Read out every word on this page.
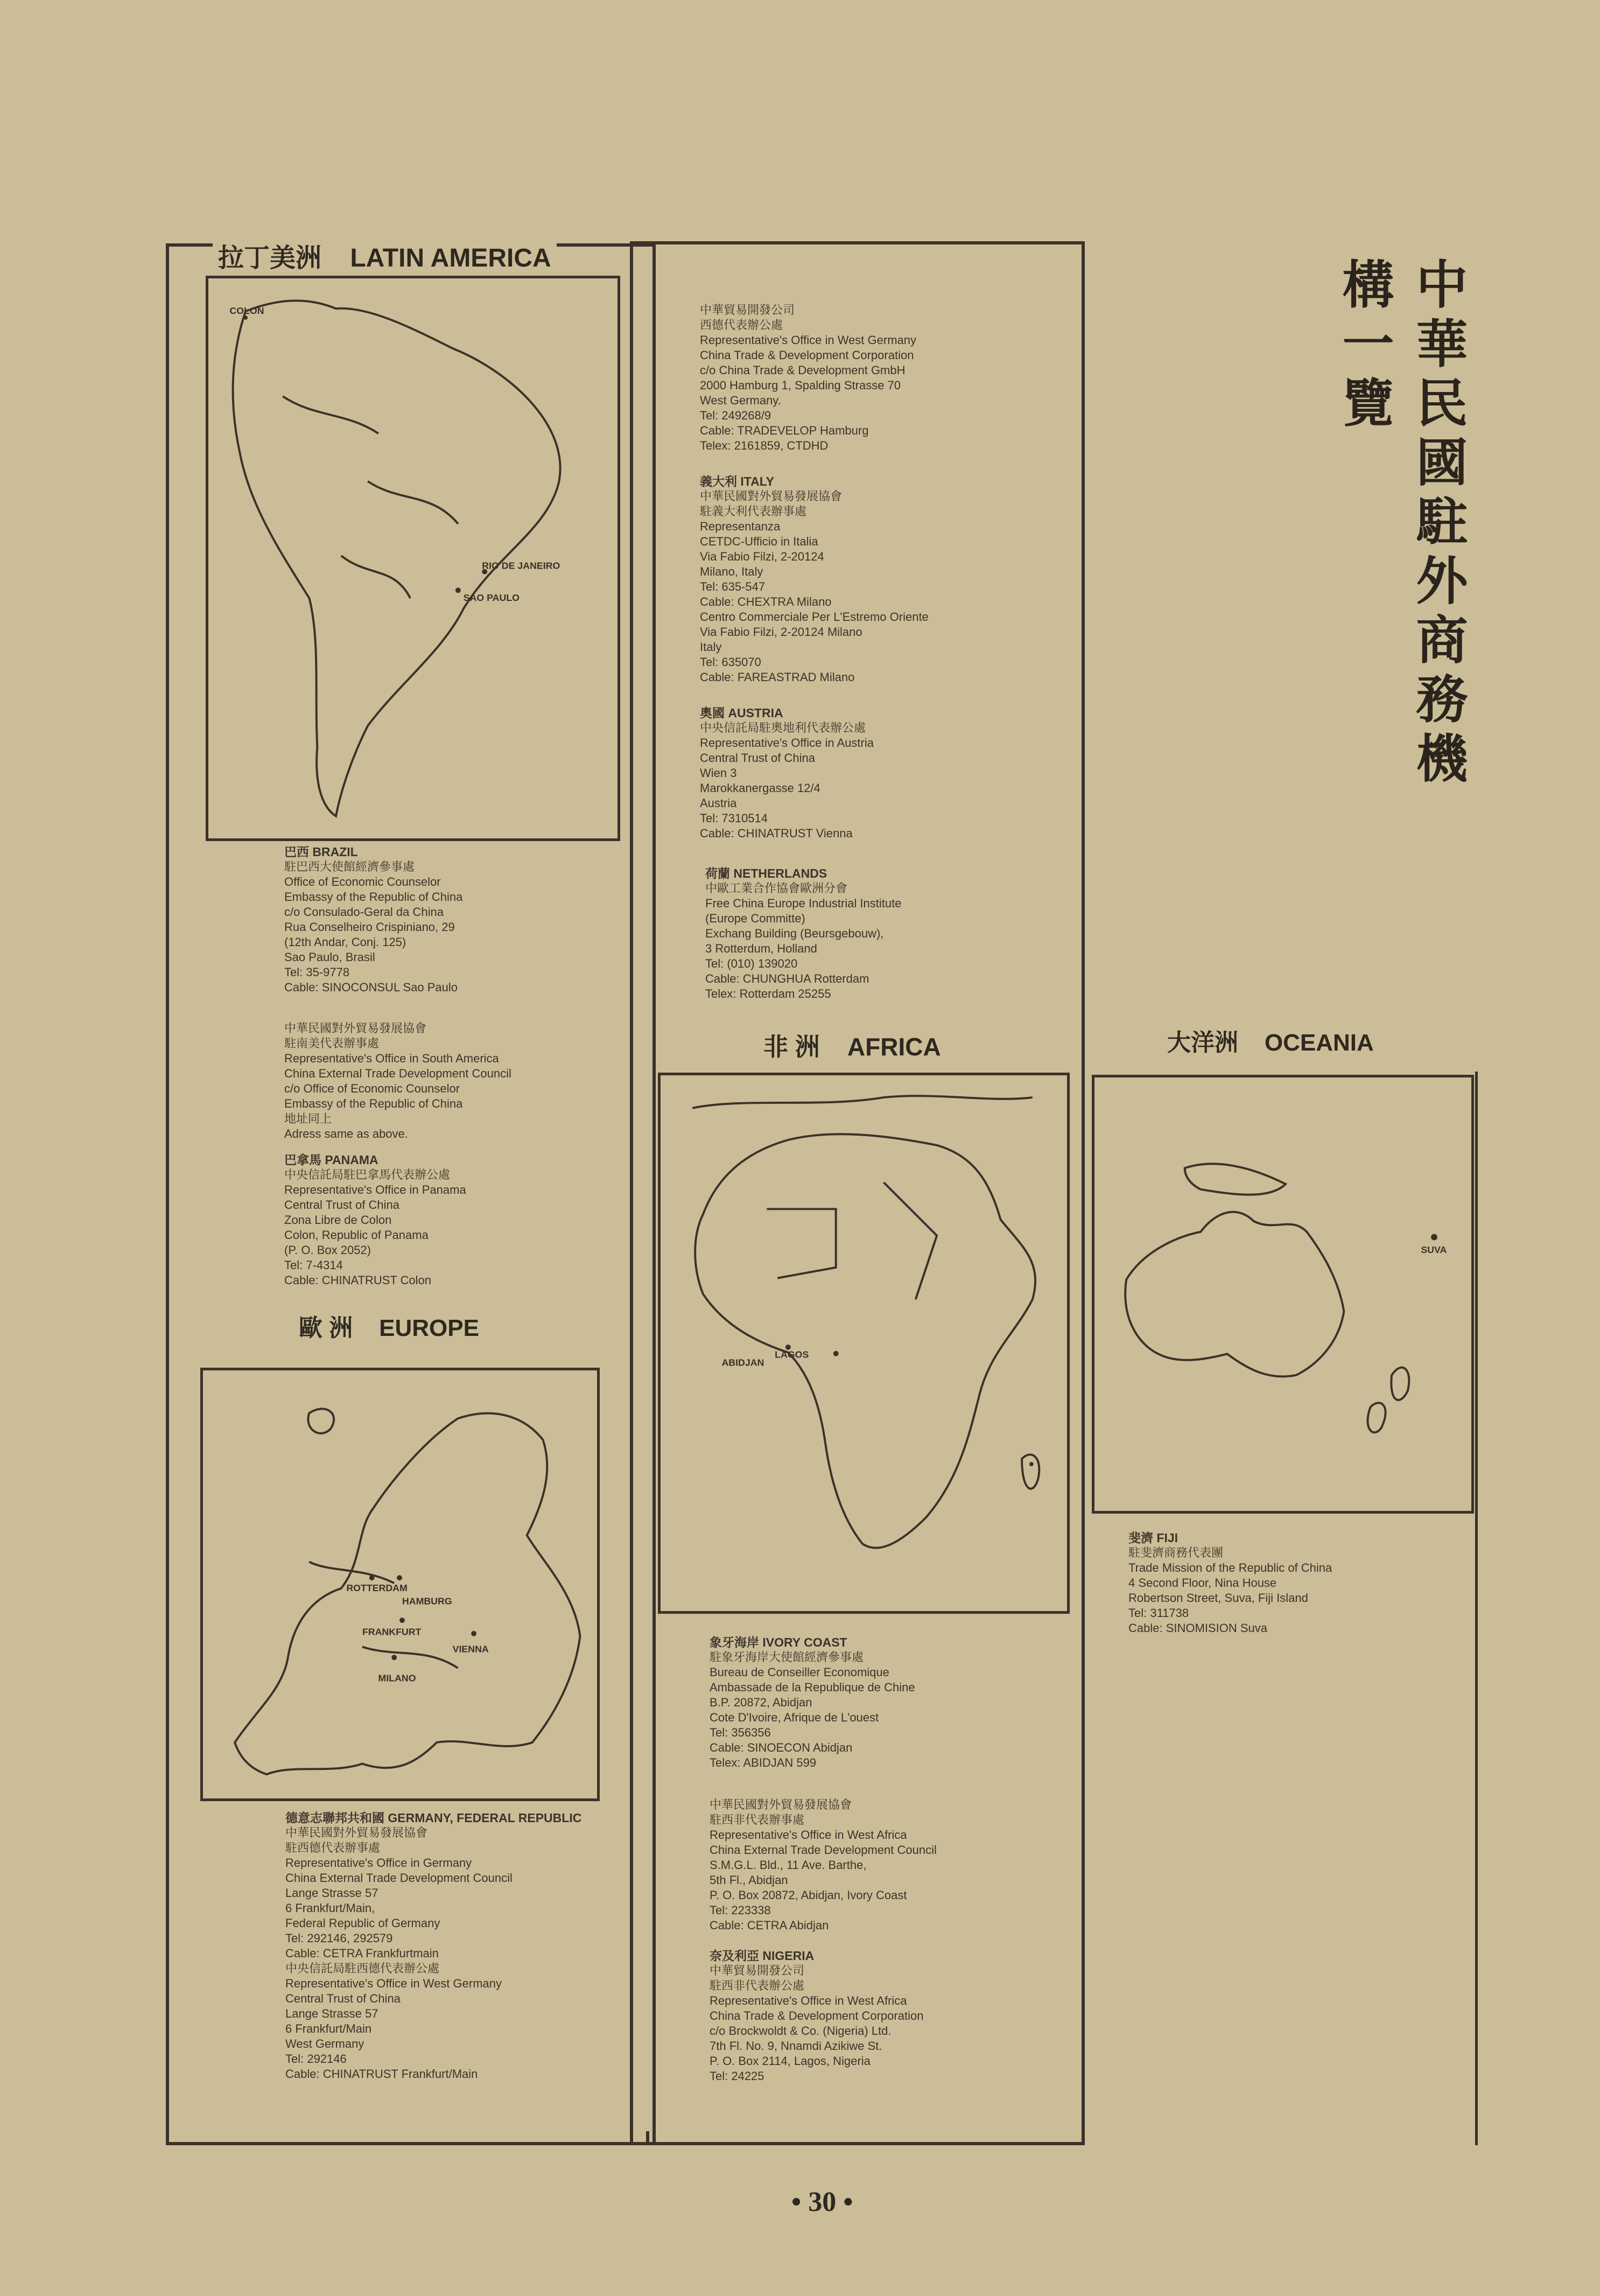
中華民國駐外商務機構一覽
拉丁美洲 LATIN AMERICA
COLON
RIO DE JANEIRO
SAO PAULO
巴西 BRAZIL
駐巴西大使館經濟參事處
Office of Economic Counselor
Embassy of the Republic of China
c/o Consulado-Geral da China
Rua Conselheiro Crispiniano, 29
(12th Andar, Conj. 125)
Sao Paulo, Brasil
Tel: 35-9778
Cable: SINOCONSUL Sao Paulo
中華民國對外貿易發展協會
駐南美代表辦事處
Representative's Office in South America
China External Trade Development Council
c/o Office of Economic Counselor
Embassy of the Republic of China
地址同上
Adress same as above.
巴拿馬 PANAMA
中央信託局駐巴拿馬代表辦公處
Representative's Office in Panama
Central Trust of China
Zona Libre de Colon
Colon, Republic of Panama
(P. O. Box 2052)
Tel: 7-4314
Cable: CHINATRUST Colon
歐 洲 EUROPE
ROTTERDAM
HAMBURG
FRANKFURT
VIENNA
MILANO
德意志聯邦共和國 GERMANY, FEDERAL REPUBLIC
中華民國對外貿易發展協會
駐西德代表辦事處
Representative's Office in Germany
China External Trade Development Council
Lange Strasse 57
6 Frankfurt/Main,
Federal Republic of Germany
Tel: 292146, 292579
Cable: CETRA Frankfurtmain
中央信託局駐西德代表辦公處
Representative's Office in West Germany
Central Trust of China
Lange Strasse 57
6 Frankfurt/Main
West Germany
Tel: 292146
Cable: CHINATRUST Frankfurt/Main
中華貿易開發公司
西德代表辦公處
Representative's Office in West Germany
China Trade & Development Corporation
c/o China Trade & Development GmbH
2000 Hamburg 1, Spalding Strasse 70
West Germany.
Tel: 249268/9
Cable: TRADEVELOP Hamburg
Telex: 2161859, CTDHD
義大利 ITALY
中華民國對外貿易發展協會
駐義大利代表辦事處
Representanza
CETDC-Ufficio in Italia
Via Fabio Filzi, 2-20124
Milano, Italy
Tel: 635-547
Cable: CHEXTRA Milano
Centro Commerciale Per L'Estremo Oriente
Via Fabio Filzi, 2-20124 Milano
Italy
Tel: 635070
Cable: FAREASTRAD Milano
奧國 AUSTRIA
中央信託局駐奧地利代表辦公處
Representative's Office in Austria
Central Trust of China
Wien 3
Marokkanergasse 12/4
Austria
Tel: 7310514
Cable: CHINATRUST Vienna
荷蘭 NETHERLANDS
中歐工業合作協會歐洲分會
Free China Europe Industrial Institute
(Europe Committe)
Exchang Building (Beursgebouw),
3 Rotterdum, Holland
Tel: (010) 139020
Cable: CHUNGHUA Rotterdam
Telex: Rotterdam 25255
非 洲 AFRICA
ABIDJAN
LAGOS
象牙海岸 IVORY COAST
駐象牙海岸大使館經濟參事處
Bureau de Conseiller Economique
Ambassade de la Republique de Chine
B.P. 20872, Abidjan
Cote D'Ivoire, Afrique de L'ouest
Tel: 356356
Cable: SINOECON Abidjan
Telex: ABIDJAN 599
中華民國對外貿易發展協會
駐西非代表辦事處
Representative's Office in West Africa
China External Trade Development Council
S.M.G.L. Bld., 11 Ave. Barthe,
5th Fl., Abidjan
P. O. Box 20872, Abidjan, Ivory Coast
Tel: 223338
Cable: CETRA Abidjan
奈及利亞 NIGERIA
中華貿易開發公司
駐西非代表辦公處
Representative's Office in West Africa
China Trade & Development Corporation
c/o Brockwoldt & Co. (Nigeria) Ltd.
7th Fl. No. 9, Nnamdi Azikiwe St.
P. O. Box 2114, Lagos, Nigeria
Tel: 24225
大洋洲 OCEANIA
SUVA
斐濟 FIJI
駐斐濟商務代表團
Trade Mission of the Republic of China
4 Second Floor, Nina House
Robertson Street, Suva, Fiji Island
Tel: 311738
Cable: SINOMISION Suva
• 30 •
